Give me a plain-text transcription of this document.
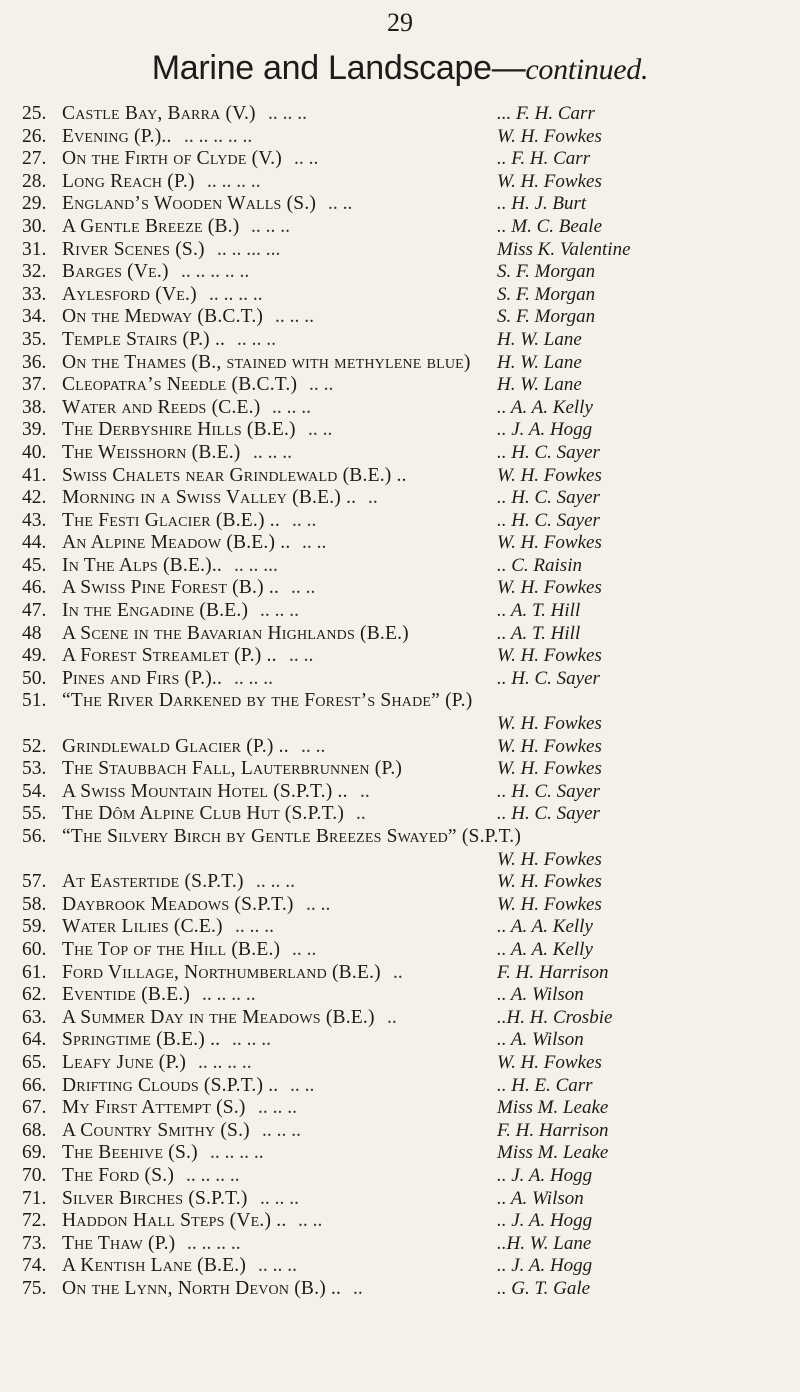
29
Marine and Landscape—continued.
25. Castle Bay, Barra (V.) .. .. ..	... F. H. Carr
26. Evening (P.).. .. .. .. .. ..	W. H. Fowkes
27. On the Firth of Clyde (V.) .. ..	.. F. H. Carr
28. Long Reach (P.) .. .. .. ..	W. H. Fowkes
29. England’s Wooden Walls (S.) .. ..	.. H. J. Burt
30. A Gentle Breeze (B.) .. .. ..	.. M. C. Beale
31. River Scenes (S.) .. .. ... ...	Miss K. Valentine
32. Barges (Ve.) .. .. .. .. ..	S. F. Morgan
33. Aylesford (Ve.) .. .. .. ..	S. F. Morgan
34. On the Medway (B.C.T.) .. .. ..	S. F. Morgan
35. Temple Stairs (P.) .. .. .. ..	H. W. Lane
36. On the Thames (B., stained with methylene blue) H. W. Lane
37. Cleopatra’s Needle (B.C.T.) .. ..	H. W. Lane
38. Water and Reeds (C.E.) .. .. ..	.. A. A. Kelly
39. The Derbyshire Hills (B.E.) .. ..	.. J. A. Hogg
40. The Weisshorn (B.E.) .. .. ..	.. H. C. Sayer
41. Swiss Chalets near Grindlewald (B.E.) ..	W. H. Fowkes
42. Morning in a Swiss Valley (B.E.) .. ..	.. H. C. Sayer
43. The Festi Glacier (B.E.) .. .. ..	.. H. C. Sayer
44. An Alpine Meadow (B.E.) .. .. ..	W. H. Fowkes
45. In The Alps (B.E.).. .. .. ...	.. C. Raisin
46. A Swiss Pine Forest (B.) .. .. ..	W. H. Fowkes
47. In the Engadine (B.E.) .. .. ..	.. A. T. Hill
48	A Scene in the Bavarian Highlands (B.E.)	.. A. T. Hill
49. A Forest Streamlet (P.) .. .. ..	W. H. Fowkes
50. Pines and Firs (P.).. .. .. ..	.. H. C. Sayer
51. “The River Darkened by the Forest’s Shade” (P.)
W. H. Fowkes
52. Grindlewald Glacier (P.) .. .. ..	W. H. Fowkes
53. The Staubbach Fall, Lauterbrunnen (P.)	W. H. Fowkes
54. A Swiss Mountain Hotel (S.P.T.) .. ..	.. H. C. Sayer
55. The Dôm Alpine Club Hut (S.P.T.) ..	.. H. C. Sayer
56. “The Silvery Birch by Gentle Breezes Swayed” (S.P.T.)
W. H. Fowkes
57. At Eastertide (S.P.T.) .. .. ..	W. H. Fowkes
58. Daybrook Meadows (S.P.T.) .. ..	W. H. Fowkes
59. Water Lilies (C.E.) .. .. ..	.. A. A. Kelly
60. The Top of the Hill (B.E.) .. ..	.. A. A. Kelly
61. Ford Village, Northumberland (B.E.) ..	F. H. Harrison
62. Eventide (B.E.) .. .. .. ..	.. A. Wilson
63. A Summer Day in the Meadows (B.E.) ..	..H. H. Crosbie
64. Springtime (B.E.) .. .. .. ..	.. A. Wilson
65. Leafy June (P.) .. .. .. ..	W. H. Fowkes
66. Drifting Clouds (S.P.T.) .. .. ..	.. H. E. Carr
67. My First Attempt (S.) .. .. ..	Miss M. Leake
68. A Country Smithy (S.) .. .. ..	F. H. Harrison
69. The Beehive (S.) .. .. .. ..	Miss M. Leake
70. The Ford (S.) .. .. .. ..	.. J. A. Hogg
71. Silver Birches (S.P.T.) .. .. ..	.. A. Wilson
72. Haddon Hall Steps (Ve.) .. .. ..	.. J. A. Hogg
73. The Thaw (P.) .. .. .. ..	..H. W. Lane
74. A Kentish Lane (B.E.) .. .. ..	.. J. A. Hogg
75. On the Lynn, North Devon (B.) .. ..	.. G. T. Gale
